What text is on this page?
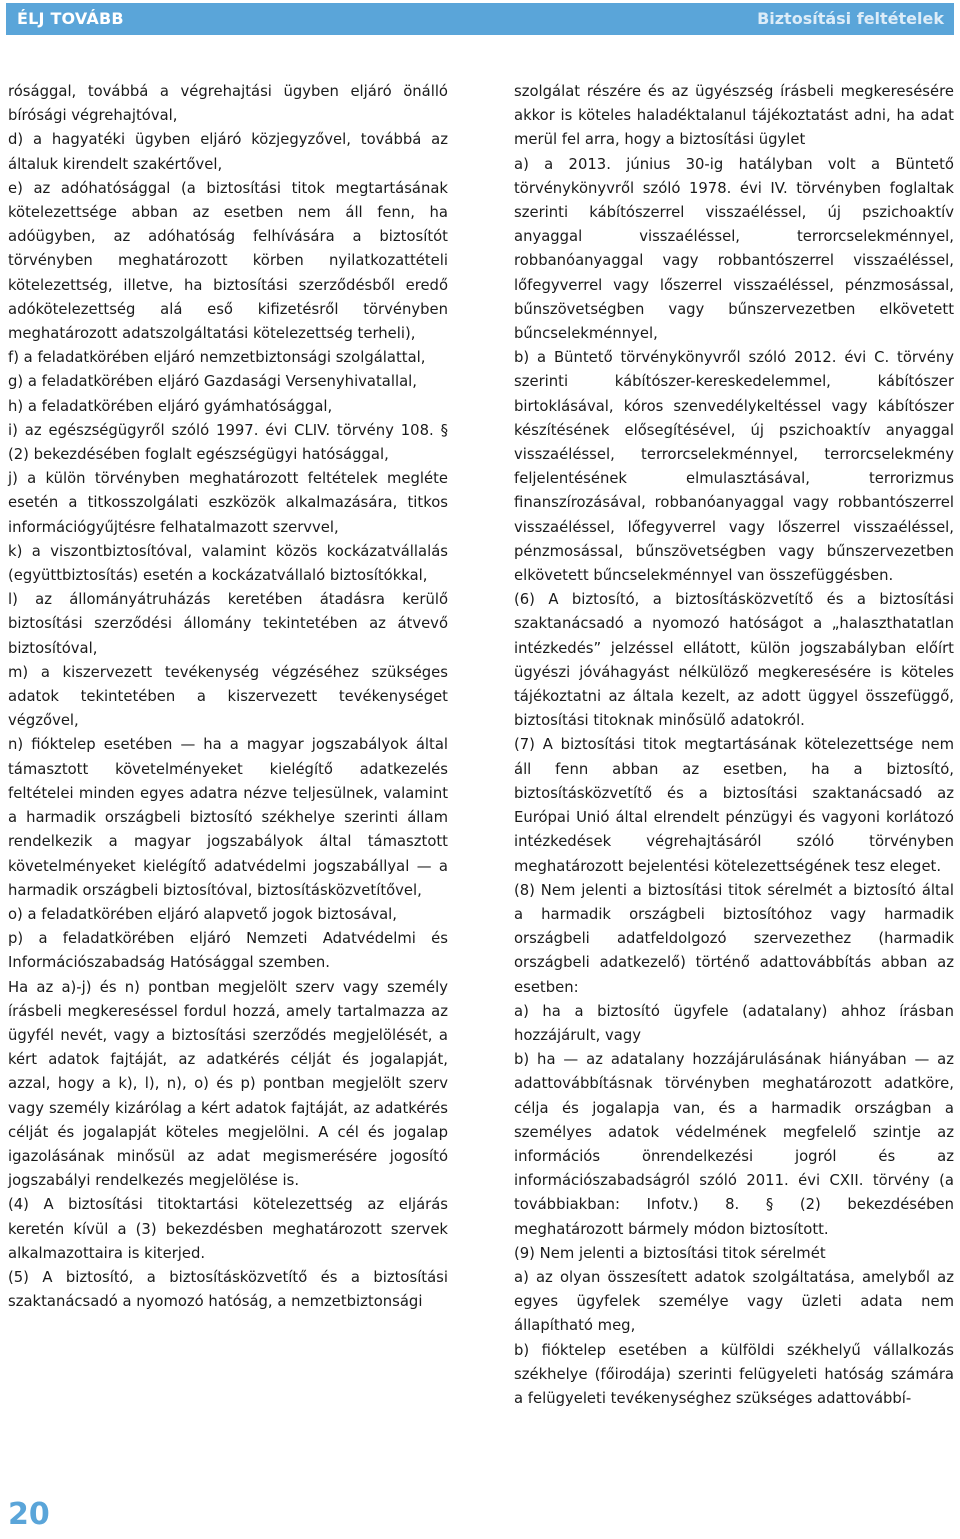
ÉLJ TOVÁBB	Biztosítási feltételek

rósággal, továbbá a végrehajtási ügyben eljáró önálló bírósági végrehajtóval,

d) a hagyatéki ügyben eljáró közjegyzővel, továbbá az általuk kirendelt szakértővel,

e) az adóhatósággal (a biztosítási titok megtartásának kötelezettsége abban az esetben nem áll fenn, ha adóügyben, az adóhatóság felhívására a biztosítót törvényben meghatározott körben nyilatkozattételi kötelezettség, illetve, ha biztosítási szerződésből eredő adókötelezettség alá eső kifizetésről törvényben meghatározott adatszolgáltatási kötelezettség terheli),

f) a feladatkörében eljáró nemzetbiztonsági szolgálattal,

g) a feladatkörében eljáró Gazdasági Versenyhivatallal,

h) a feladatkörében eljáró gyámhatósággal,

i) az egészségügyről szóló 1997. évi CLIV. törvény 108. § (2) bekezdésében foglalt egészségügyi hatósággal,

j) a külön törvényben meghatározott feltételek megléte esetén a titkosszolgálati eszközök alkalmazására, titkos információgyűjtésre felhatalmazott szervvel,

k) a viszontbiztosítóval, valamint közös kockázatvállalás (együttbiztosítás) esetén a kockázatvállaló biztosítókkal,

l) az állományátruházás keretében átadásra kerülő biztosítási szerződési állomány tekintetében az átvevő biztosítóval,

m) a kiszervezett tevékenység végzéséhez szükséges adatok tekintetében a kiszervezett tevékenységet végzővel,

n) fióktelep esetében — ha a magyar jogszabályok által támasztott követelményeket kielégítő adatkezelés feltételei minden egyes adatra nézve teljesülnek, valamint a harmadik országbeli biztosító székhelye szerinti állam rendelkezik a magyar jogszabályok által támasztott követelményeket kielégítő adatvédelmi jogszabállyal — a harmadik országbeli biztosítóval, biztosításközvetítővel,

o) a feladatkörében eljáró alapvető jogok biztosával,

p) a feladatkörében eljáró Nemzeti Adatvédelmi és Információszabadság Hatósággal szemben.

Ha az a)-j) és n) pontban megjelölt szerv vagy személy írásbeli megkereséssel fordul hozzá, amely tartalmazza az ügyfél nevét, vagy a biztosítási szerződés megjelölését, a kért adatok fajtáját, az adatkérés célját és jogalapját, azzal, hogy a k), l), n), o) és p) pontban megjelölt szerv vagy személy kizárólag a kért adatok fajtáját, az adatkérés célját és jogalapját köteles megjelölni. A cél és jogalap igazolásának minősül az adat megismerésére jogosító jogszabályi rendelkezés megjelölése is.

(4) A biztosítási titoktartási kötelezettség az eljárás keretén kívül a (3) bekezdésben meghatározott szervek alkalmazottaira is kiterjed.

(5) A biztosító, a biztosításközvetítő és a biztosítási szaktanácsadó a nyomozó hatóság, a nemzetbiztonsági

szolgálat részére és az ügyészség írásbeli megkeresésére akkor is köteles haladéktalanul tájékoztatást adni, ha adat merül fel arra, hogy a biztosítási ügylet

a) a 2013. június 30-ig hatályban volt a Büntető törvénykönyvről szóló 1978. évi IV. törvényben foglaltak szerinti kábítószerrel visszaéléssel, új pszichoaktív anyaggal visszaéléssel, terrorcselekménnyel, robbanóanyaggal vagy robbantószerrel visszaéléssel, lőfegyverrel vagy lőszerrel visszaéléssel, pénzmosással, bűnszövetségben vagy bűnszervezetben elkövetett bűncselekménnyel,

b) a Büntető törvénykönyvről szóló 2012. évi C. törvény szerinti kábítószer-kereskedelemmel, kábítószer birtoklásával, kóros szenvedélykeltéssel vagy kábítószer készítésének elősegítésével, új pszichoaktív anyaggal visszaéléssel, terrorcselekménnyel, terrorcselekmény feljelentésének elmulasztásával, terrorizmus finanszírozásával, robbanóanyaggal vagy robbantószerrel visszaéléssel, lőfegyverrel vagy lőszerrel visszaéléssel, pénzmosással, bűnszövetségben vagy bűnszervezetben elkövetett bűncselekménnyel van összefüggésben.

(6) A biztosító, a biztosításközvetítő és a biztosítási szaktanácsadó a nyomozó hatóságot a „halaszthatatlan intézkedés” jelzéssel ellátott, külön jogszabályban előírt ügyészi jóváhagyást nélkülöző megkeresésére is köteles tájékoztatni az általa kezelt, az adott üggyel összefüggő, biztosítási titoknak minősülő adatokról.

(7) A biztosítási titok megtartásának kötelezettsége nem áll fenn abban az esetben, ha a biztosító, biztosításközvetítő és a biztosítási szaktanácsadó az Európai Unió által elrendelt pénzügyi és vagyoni korlátozó intézkedések végrehajtásáról szóló törvényben meghatározott bejelentési kötelezettségének tesz eleget.

(8) Nem jelenti a biztosítási titok sérelmét a biztosító által a harmadik országbeli biztosítóhoz vagy harmadik országbeli adatfeldolgozó szervezethez (harmadik országbeli adatkezelő) történő adattovábbítás abban az esetben:

a) ha a biztosító ügyfele (adatalany) ahhoz írásban hozzájárult, vagy

b) ha — az adatalany hozzájárulásának hiányában — az adattovábbításnak törvényben meghatározott adatköre, célja és jogalapja van, és a harmadik országban a személyes adatok védelmének megfelelő szintje az információs önrendelkezési jogról és az információszabadságról szóló 2011. évi CXII. törvény (a továbbiakban: Infotv.) 8. § (2) bekezdésében meghatározott bármely módon biztosított.

(9) Nem jelenti a biztosítási titok sérelmét

a) az olyan összesített adatok szolgáltatása, amelyből az egyes ügyfelek személye vagy üzleti adata nem állapítható meg,

b) fióktelep esetében a külföldi székhelyű vállalkozás székhelye (főirodája) szerinti felügyeleti hatóság számára a felügyeleti tevékenységhez szükséges adattovábbí-

20
